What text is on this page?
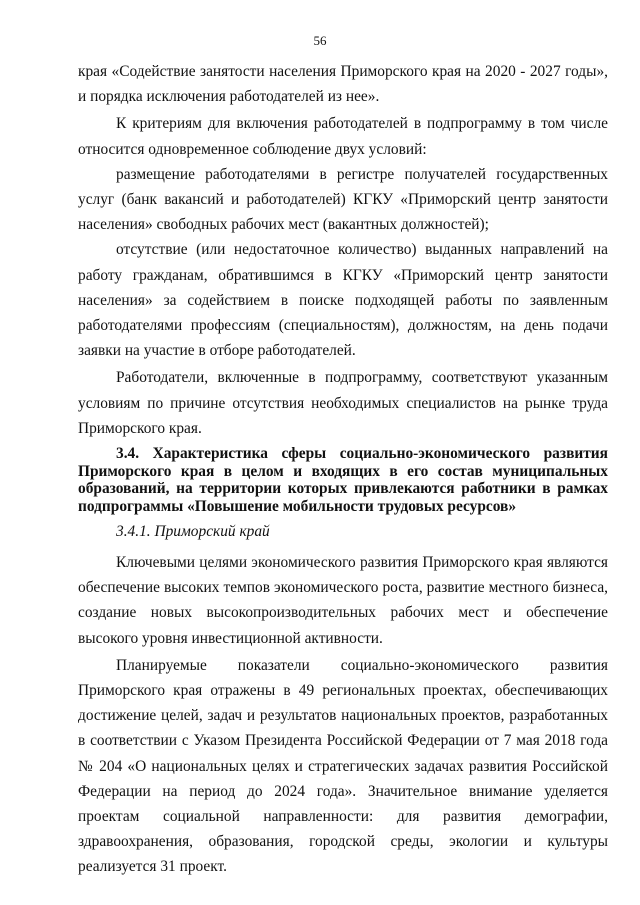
56

края «Содействие занятости населения Приморского края на 2020 - 2027 годы», и порядка исключения работодателей из нее».

К критериям для включения работодателей в подпрограмму в том числе относится одновременное соблюдение двух условий:

размещение работодателями в регистре получателей государственных услуг (банк вакансий и работодателей) КГКУ «Приморский центр занятости населения» свободных рабочих мест (вакантных должностей);

отсутствие (или недостаточное количество) выданных направлений на работу гражданам, обратившимся в КГКУ «Приморский центр занятости населения» за содействием в поиске подходящей работы по заявленным работодателями профессиям (специальностям), должностям, на день подачи заявки на участие в отборе работодателей.

Работодатели, включенные в подпрограмму, соответствуют указанным условиям по причине отсутствия необходимых специалистов на рынке труда Приморского края.

3.4. Характеристика сферы социально-экономического развития Приморского края в целом и входящих в его состав муниципальных образований, на территории которых привлекаются работники в рамках подпрограммы «Повышение мобильности трудовых ресурсов»
3.4.1. Приморский край

Ключевыми целями экономического развития Приморского края являются обеспечение высоких темпов экономического роста, развитие местного бизнеса, создание новых высокопроизводительных рабочих мест и обеспечение высокого уровня инвестиционной активности.

Планируемые показатели социально-экономического развития Приморского края отражены в 49 региональных проектах, обеспечивающих достижение целей, задач и результатов национальных проектов, разработанных в соответствии с Указом Президента Российской Федерации от 7 мая 2018 года № 204 «О национальных целях и стратегических задачах развития Российской Федерации на период до 2024 года». Значительное внимание уделяется проектам социальной направленности: для развития демографии, здравоохранения, образования, городской среды, экологии и культуры реализуется 31 проект.
